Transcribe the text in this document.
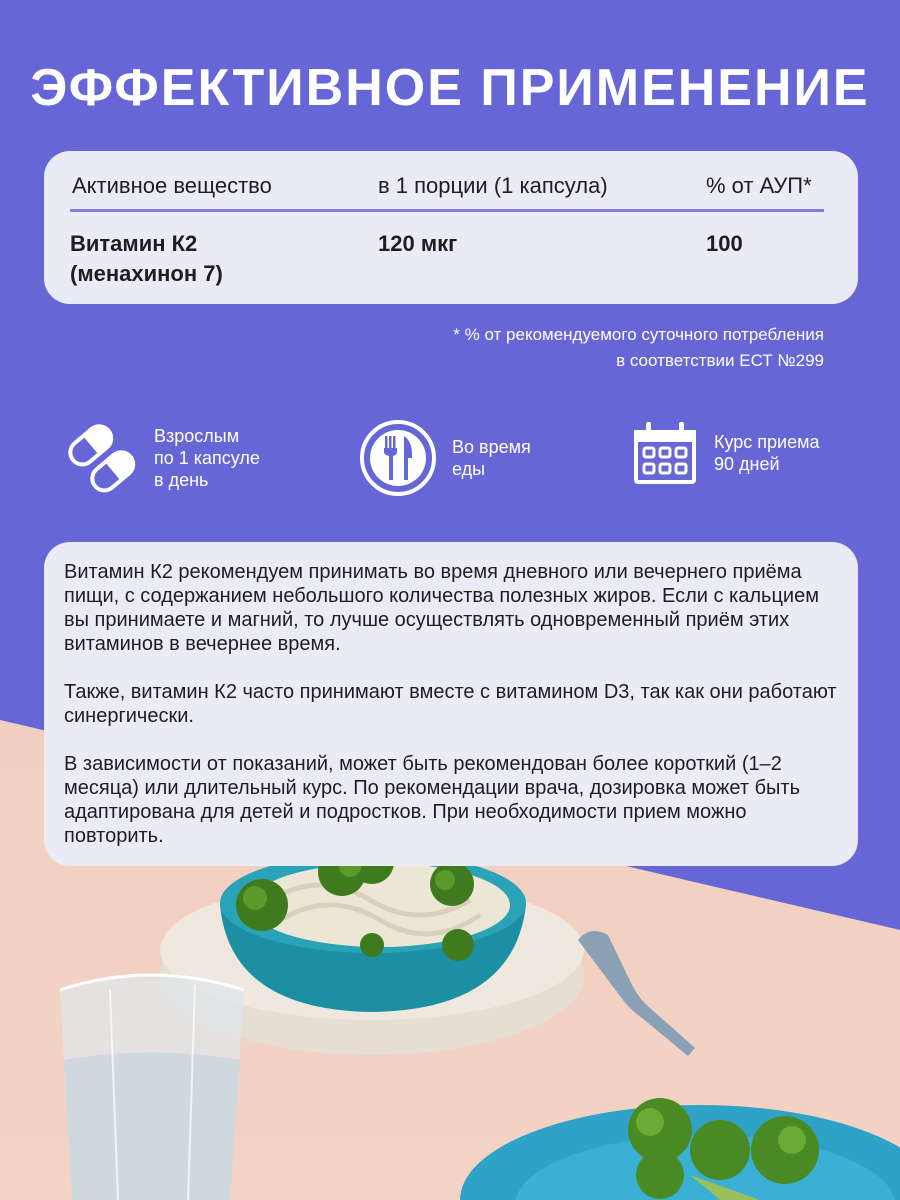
ЭФФЕКТИВНОЕ ПРИМЕНЕНИЕ
Активное вещество	в 1 порции (1 капсула)	% от АУП*
Витамин К2
(менахинон 7)
120 мкг	100
* % от рекомендуемого суточного потребления
в соответствии ЕСТ №299
Взрослым
по 1 капсуле
в день
Во время
еды
Курс приема
90 дней

Витамин К2 рекомендуем принимать во время дневного или вечернего приёма пищи, с содержанием небольшого количества полезных жиров. Если с кальцием вы принимаете и магний, то лучше осуществлять одновременный приём этих витаминов в вечернее время.

Также, витамин К2 часто принимают вместе с витамином D3, так как они работают синергически.

В зависимости от показаний, может быть рекомендован более короткий (1–2 месяца) или длительный курс. По рекомендации врача, дозировка может быть адаптирована для детей и подростков. При необходимости прием можно повторить.
